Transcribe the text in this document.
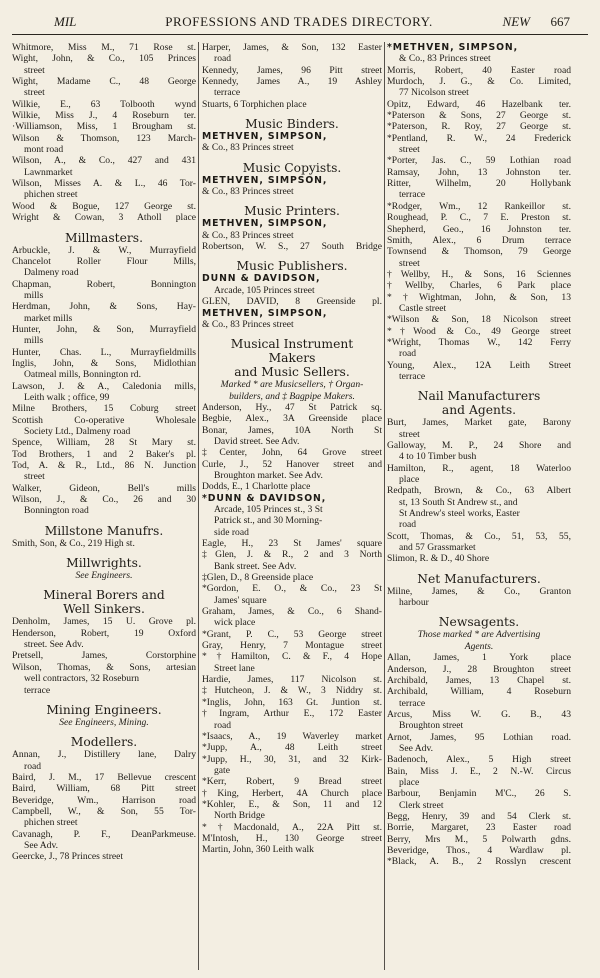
MIL	PROFESSIONS AND TRADES DIRECTORY.	NEW 667
Whitmore, Miss M., 71 Rose st.
Wight, John, & Co., 105 Princes
street
Wight, Madame C., 48 George
street
Wilkie, E., 63 Tolbooth wynd
Wilkie, Miss J., 4 Roseburn ter.
·Williamson, Miss, 1 Brougham st.
Wilson & Thomson, 123 March-
mont road
Wilson, A., & Co., 427 and 431
Lawnmarket
Wilson, Misses A. & L., 46 Tor-
phichen street
Wood & Bogue, 127 George st.
Wright & Cowan, 3 Atholl place
Millmasters.
Arbuckle, J. & W., Murrayfield
Chancelot Roller Flour Mills,
Dalmeny road
Chapman, Robert, Bonnington
mills
Herdman, John, & Sons, Hay-
market mills
Hunter, John, & Son, Murrayfield
mills
Hunter, Chas. L., Murrayfieldmills
Inglis, John, & Sons, Midlothian
Oatmeal mills, Bonnington rd.
Lawson, J. & A., Caledonia mills,
Leith walk ; office, 99
Milne Brothers, 15 Coburg street
Scottish Co-operative Wholesale
Society Ltd., Dalmeny road
Spence, William, 28 St Mary st.
Tod Brothers, 1 and 2 Baker's pl.
Tod, A. & R., Ltd., 86 N. Junction
street
Walker, Gideon, Bell's mills
Wilson, J., & Co., 26 and 30
Bonnington road
Millstone Manufrs.
Smith, Son, & Co., 219 High st.
Millwrights.
See Engineers.
Mineral Borers and
Well Sinkers.
Denholm, James, 15 U. Grove pl.
Henderson, Robert, 19 Oxford
street. See Adv.
Pretsell, James, Corstorphine
Wilson, Thomas, & Sons, artesian
well contractors, 32 Roseburn
terrace
Mining Engineers.
See Engineers, Mining.
Modellers.
Annan, J., Distillery lane, Dalry
road
Baird, J. M., 17 Bellevue crescent
Baird, William, 68 Pitt street
Beveridge, Wm., Harrison road
Campbell, W., & Son, 55 Tor-
phichen street
Cavanagh, P. F., DeanParkmeuse.
See Adv.
Geercke, J., 78 Princes street
Harper, James, & Son, 132 Easter
road
Kennedy, James, 96 Pitt street
Kennedy, James A., 19 Ashley
terrace
Stuarts, 6 Torphichen place
Music Binders.
METHVEN, SIMPSON,
& Co., 83 Princes street
Music Copyists.
METHVEN, SIMPSON,
& Co., 83 Princes street
Music Printers.
METHVEN, SIMPSON,
& Co., 83 Princes street
Robertson, W. S., 27 South Bridge
Music Publishers.
DUNN & DAVIDSON,
Arcade, 105 Princes street
GLEN, DAVID, 8 Greenside pl.
METHVEN, SIMPSON,
& Co., 83 Princes street
Musical Instrument
Makers
and Music Sellers.
Marked * are Musicsellers, † Organ-
builders, and ‡ Bagpipe Makers.
Anderson, Hy., 47 St Patrick sq.
Begbie, Alex., 3A Greenside place
Bonar, James, 10A North St
David street. See Adv.
‡Center, John, 64 Grove street
Curle, J., 52 Hanover street and
Broughton market. See Adv.
Dodds, E., 1 Charlotte place
*DUNN & DAVIDSON,
Arcade, 105 Princes st., 3 St
Patrick st., and 30 Morning-
side road
Eagle, H., 23 St James' square
‡Glen, J. & R., 2 and 3 North
Bank street. See Adv.
‡Glen, D., 8 Greenside place
*Gordon, E. O., & Co., 23 St
James' square
Graham, James, & Co., 6 Shand-
wick place
*Grant, P. C., 53 George street
Gray, Henry, 7 Montague street
*†Hamilton, C. & F., 4 Hope
Street lane
Hardie, James, 117 Nicolson st.
‡Hutcheon, J. & W., 3 Niddry st.
*Inglis, John, 163 Gt. Juntion st.
†Ingram, Arthur E., 172 Easter
road
*Isaacs, A., 19 Waverley market
*Jupp, A., 48 Leith street
*Jupp, H., 30, 31, and 32 Kirk-
gate
*Kerr, Robert, 9 Bread street
†King, Herbert, 4A Church place
*Kohler, E., & Son, 11 and 12
North Bridge
*†Macdonald, A., 22A Pitt st.
M'Intosh, H., 130 George street
Martin, John, 360 Leith walk
*METHVEN, SIMPSON,
& Co., 83 Princes street
Morris, Robert, 40 Easter road
Murdoch, J. G., & Co. Limited,
77 Nicolson street
Opitz, Edward, 46 Hazelbank ter.
*Paterson & Sons, 27 George st.
*Paterson, R. Roy, 27 George st.
*Pentland, R. W., 24 Frederick
street
*Porter, Jas. C., 59 Lothian road
Ramsay, John, 13 Johnston ter.
Ritter, Wilhelm, 20 Hollybank
terrace
*Rodger, Wm., 12 Rankeillor st.
Roughead, P. C., 7 E. Preston st.
Shepherd, Geo., 16 Johnston ter.
Smith, Alex., 6 Drum terrace
Townsend & Thomson, 79 George
street
†Wellby, H., & Sons, 16 Sciennes
†Wellby, Charles, 6 Park place
*†Wightman, John, & Son, 13
Castle street
*Wilson & Son, 18 Nicolson street
*†Wood & Co., 49 George street
*Wright, Thomas W., 142 Ferry
road
Young, Alex., 12A Leith Street
terrace
Nail Manufacturers
and Agents.
Burt, James, Market gate, Barony
street
Galloway, M. P., 24 Shore and
4 to 10 Timber bush
Hamilton, R., agent, 18 Waterloo
place
Redpath, Brown, & Co., 63 Albert
st, 13 South St Andrew st., and
St Andrew's steel works, Easter
road
Scott, Thomas, & Co., 51, 53, 55,
and 57 Grassmarket
Slimon, R. & D., 40 Shore
Net Manufacturers.
Milne, James, & Co., Granton
harbour
Newsagents.
Those marked * are Advertising
Agents.
Allan, James, 1 York place
Anderson, J., 28 Broughton street
Archibald, James, 13 Chapel st.
Archibald, William, 4 Roseburn
terrace
Arcus, Miss W. G. B., 43
Broughton street
Arnot, James, 95 Lothian road.
See Adv.
Badenoch, Alex., 5 High street
Bain, Miss J. E., 2 N.-W. Circus
place
Barbour, Benjamin M'C., 26 S.
Clerk street
Begg, Henry, 39 and 54 Clerk st.
Borrie, Margaret, 23 Easter road
Berry, Mrs M., 5 Polwarth gdns.
Beveridge, Thos., 4 Wardlaw pl.
*Black, A. B., 2 Rosslyn crescent
